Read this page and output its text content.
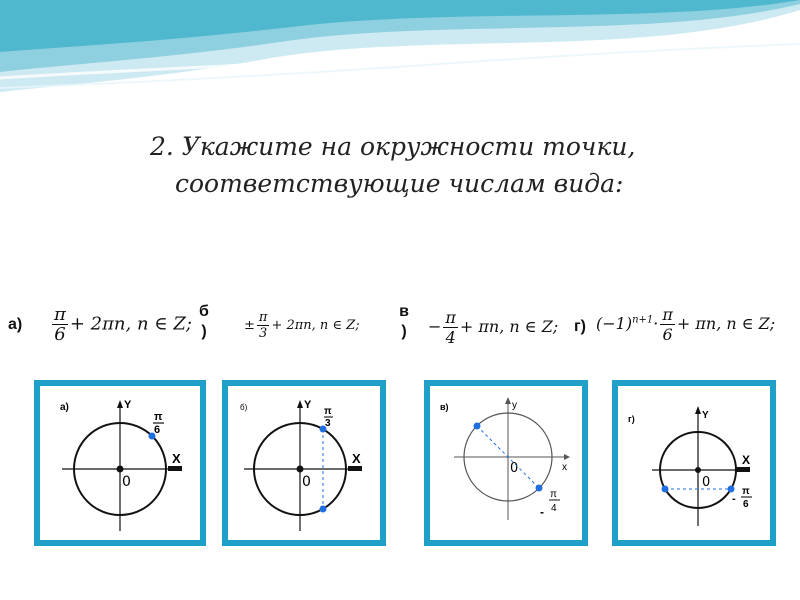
2. Укажите на окружности точки,
соответствующие числам вида:
а)
б
)
в
)	г)
$\frac{\pi}{6} + 2\pi n$, n ∈ Z;	± $\frac{\pi}{3} + 2\pi n$, n ∈ Z;	− $\frac{\pi}{4} + \pi n$, n ∈ Z; $(-1)^{n+1}\cdot \frac{\pi}{6} + \pi n$, n ∈ Z;
а)	Y
X
0
π
6
б)	Y
X
0
π
3
в)	y
x
0
-
π
4
г)	Y
X
0
-
π
6
